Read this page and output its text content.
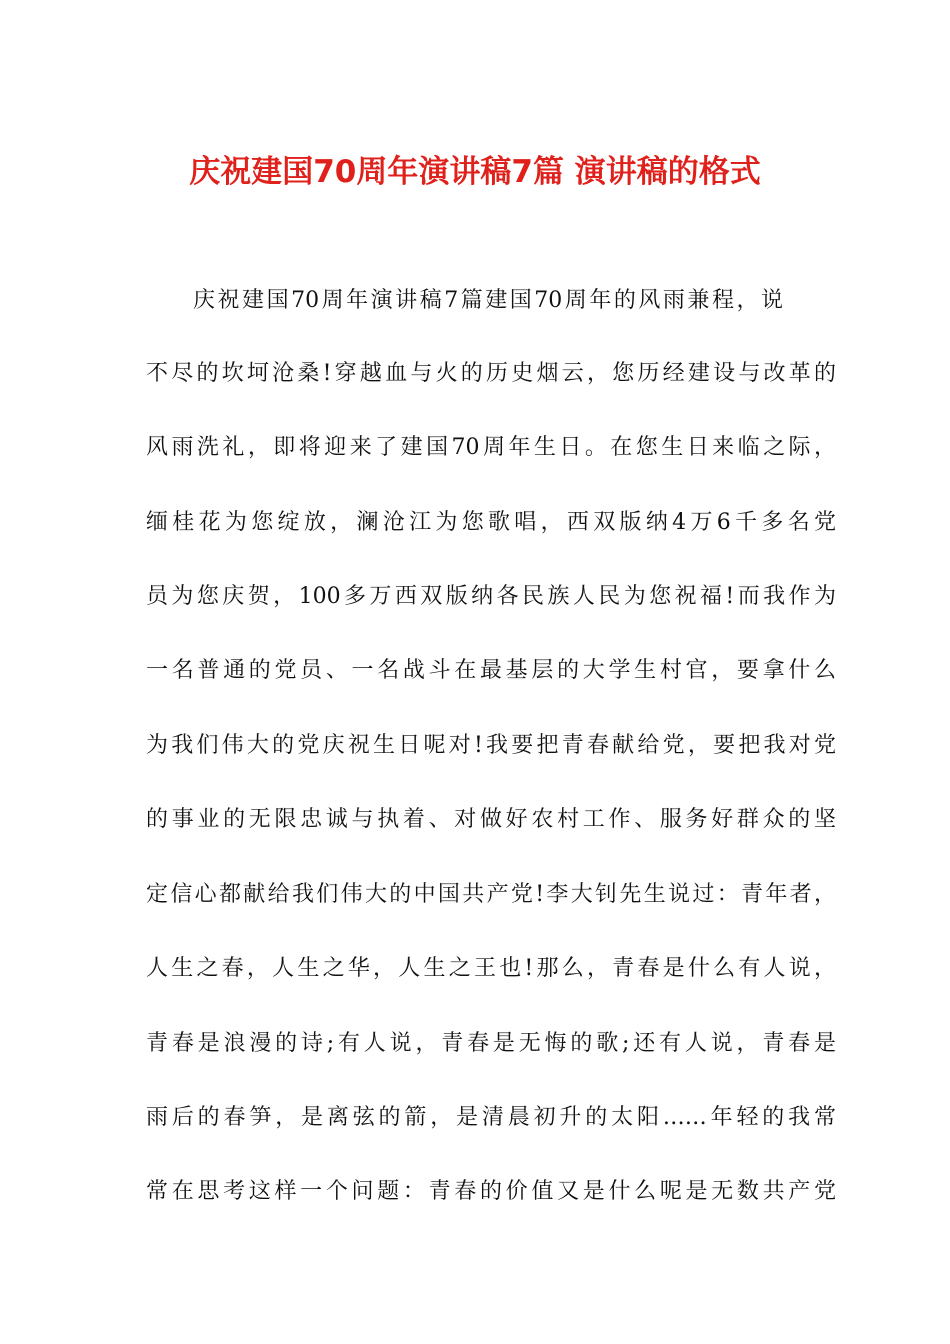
庆祝建国70周年演讲稿7篇 演讲稿的格式
庆祝建国70周年演讲稿7篇建国70周年的风雨兼程，说
不尽的坎坷沧桑!穿越血与火的历史烟云，您历经建设与改革的
风雨洗礼，即将迎来了建国70周年生日。在您生日来临之际，
缅桂花为您绽放，澜沧江为您歌唱，西双版纳4万6千多名党
员为您庆贺，100多万西双版纳各民族人民为您祝福!而我作为
一名普通的党员、一名战斗在最基层的大学生村官，要拿什么
为我们伟大的党庆祝生日呢对!我要把青春献给党，要把我对党
的事业的无限忠诚与执着、对做好农村工作、服务好群众的坚
定信心都献给我们伟大的中国共产党!李大钊先生说过：青年者，
人生之春，人生之华，人生之王也!那么，青春是什么有人说，
青春是浪漫的诗;有人说，青春是无悔的歌;还有人说，青春是
雨后的春笋，是离弦的箭，是清晨初升的太阳……年轻的我常
常在思考这样一个问题：青春的价值又是什么呢是无数共产党
